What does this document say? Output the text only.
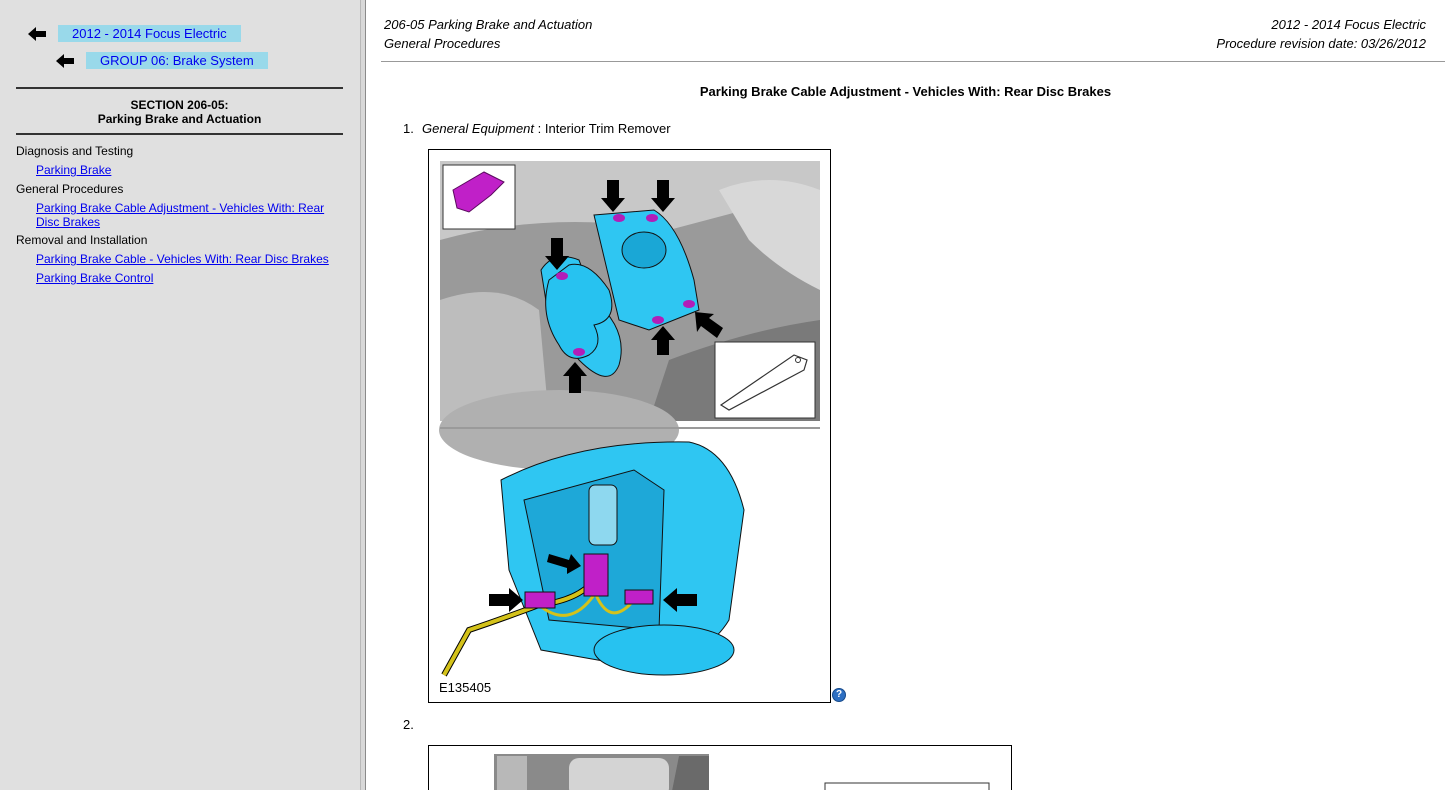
2012 - 2014 Focus Electric
GROUP 06: Brake System
SECTION 206-05:
Parking Brake and Actuation
Diagnosis and Testing
Parking Brake
General Procedures
Parking Brake Cable Adjustment - Vehicles With: Rear Disc Brakes
Removal and Installation
Parking Brake Cable - Vehicles With: Rear Disc Brakes
Parking Brake Control
206-05 Parking Brake and Actuation
General Procedures
2012 - 2014 Focus Electric
Procedure revision date: 03/26/2012
Parking Brake Cable Adjustment - Vehicles With: Rear Disc Brakes
1. General Equipment : Interior Trim Remover
E135405	?
2.
